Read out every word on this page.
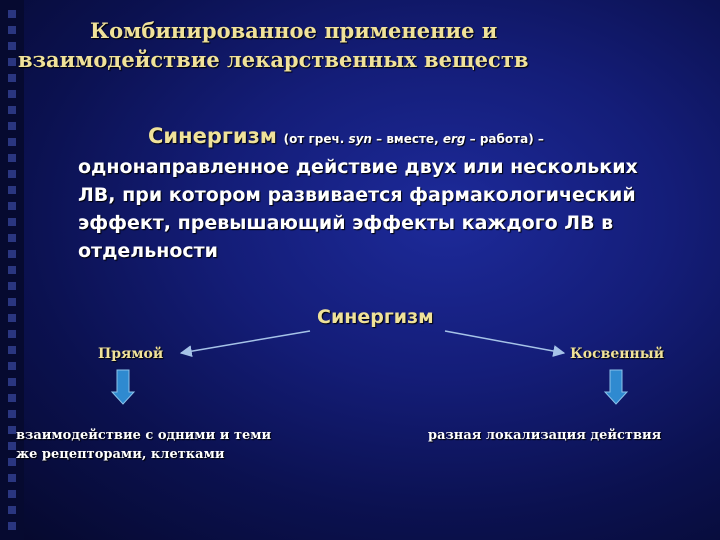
Комбинированное применение и
взаимодействие лекарственных веществ
Синергизм (от греч. syn – вместе, erg – работа) –
однонаправленное действие двух или нескольких ЛВ, при котором развивается фармакологический эффект, превышающий эффекты каждого ЛВ в отдельности
Синергизм
Прямой	Косвенный
взаимодействие с одними и теми
же рецепторами, клетками
разная локализация действия
